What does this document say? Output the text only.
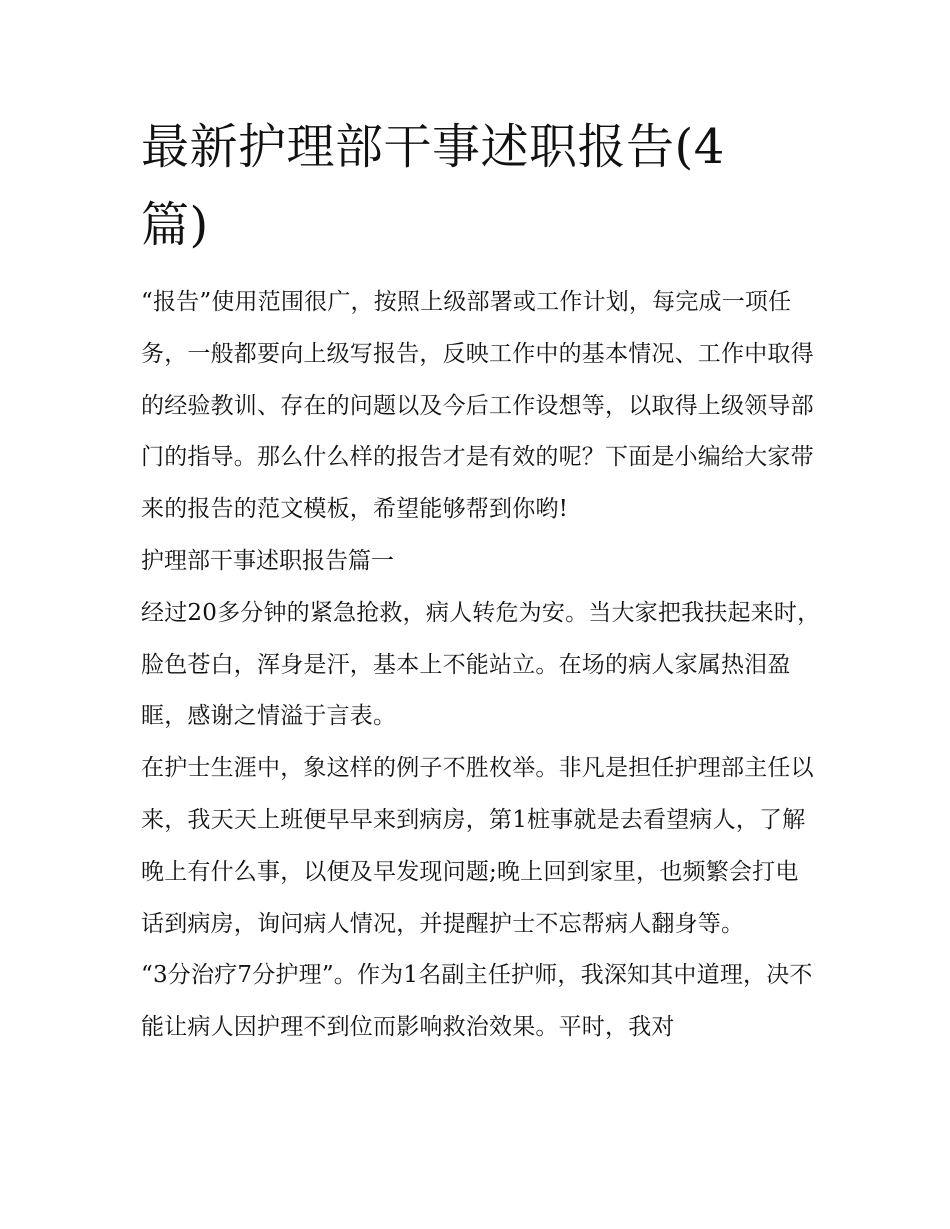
最新护理部干事述职报告(4篇)

“报告”使用范围很广，按照上级部署或工作计划，每完成一项任务，一般都要向上级写报告，反映工作中的基本情况、工作中取得的经验教训、存在的问题以及今后工作设想等，以取得上级领导部门的指导。那么什么样的报告才是有效的呢？下面是小编给大家带来的报告的范文模板，希望能够帮到你哟!

护理部干事述职报告篇一

经过20多分钟的紧急抢救，病人转危为安。当大家把我扶起来时，脸色苍白，浑身是汗，基本上不能站立。在场的病人家属热泪盈眶，感谢之情溢于言表。

在护士生涯中，象这样的例子不胜枚举。非凡是担任护理部主任以来，我天天上班便早早来到病房，第1桩事就是去看望病人，了解晚上有什么事，以便及早发现问题;晚上回到家里，也频繁会打电话到病房，询问病人情况，并提醒护士不忘帮病人翻身等。

“3分治疗7分护理”。作为1名副主任护师，我深知其中道理，决不能让病人因护理不到位而影响救治效果。平时，我对
